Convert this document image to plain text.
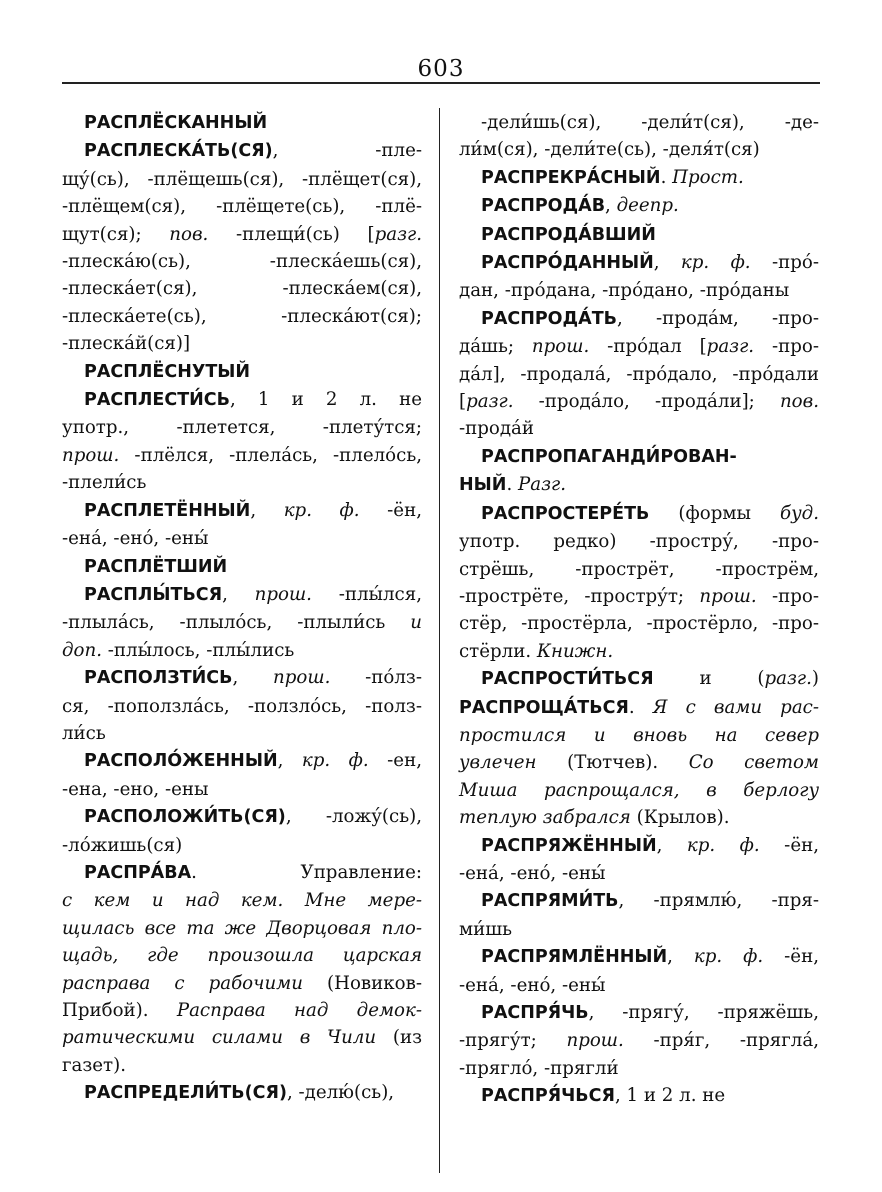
603
РАСПЛЁСКАННЫЙ
РАСПЛЕСКА́ТЬ(СЯ), -пле-
щу́(сь), -плёщешь(ся), -плёщет(ся),
-плёщем(ся), -плёщете(сь), -плё-
щут(ся); пов. -плещи́(сь) [разг.
-плеска́ю(сь), -плеска́ешь(ся),
-плеска́ет(ся), -плеска́ем(ся),
-плеска́ете(сь), -плеска́ют(ся);
-плеска́й(ся)]
РАСПЛЁСНУТЫЙ
РАСПЛЕСТИ́СЬ, 1 и 2 л. не
употр., -плетется, -плету́тся;
прош. -плёлся, -плела́сь, -плело́сь,
-плели́сь
РАСПЛЕТЁННЫЙ, кр. ф. -ён,
-ена́, -ено́, -ены́
РАСПЛЁТШИЙ
РАСПЛЫ́ТЬСЯ, прош. -плы́лся,
-плыла́сь, -плыло́сь, -плыли́сь и
доп. -плы́лось, -плы́лись
РАСПОЛЗТИ́СЬ, прош. -по́лз-
ся, -поползла́сь, -ползло́сь, -полз-
ли́сь
РАСПОЛО́ЖЕННЫЙ, кр. ф. -ен,
-ена, -ено, -ены
РАСПОЛОЖИ́ТЬ(СЯ), -ложу́(сь),
-ло́жишь(ся)
РАСПРА́ВА. Управление:
с кем и над кем. Мне мере-
щилась все та же Дворцовая пло-
щадь, где произошла царская
расправа с рабочими (Новиков-
Прибой). Расправа над демок-
ратическими силами в Чили (из
газет).
РАСПРЕДЕЛИ́ТЬ(СЯ), -делю́(сь),
-дели́шь(ся), -дели́т(ся), -де-
ли́м(ся), -дели́те(сь), -деля́т(ся)
РАСПРЕКРА́СНЫЙ. Прост.
РАСПРОДА́В, деепр.
РАСПРОДА́ВШИЙ
РАСПРО́ДАННЫЙ, кр. ф. -про́-
дан, -про́дана, -про́дано, -про́даны
РАСПРОДА́ТЬ, -прода́м, -про-
да́шь; прош. -про́дал [разг. -про-
да́л], -продала́, -про́дало, -про́дали
[разг. -прода́ло, -прода́ли]; пов.
-прода́й
РАСПРОПАГАНДИ́РОВАН-
НЫЙ. Разг.
РАСПРОСТЕРЕ́ТЬ (формы буд.
употр. редко) -простру́, -про-
стрёшь, -прострёт, -прострём,
-прострёте, -простру́т; прош. -про-
стёр, -простёрла, -простёрло, -про-
стёрли. Книжн.
РАСПРОСТИ́ТЬСЯ и (разг.)
РАСПРОЩА́ТЬСЯ. Я с вами рас-
простился и вновь на север
увлечен (Тютчев). Со светом
Миша распрощался, в берлогу
теплую забрался (Крылов).
РАСПРЯЖЁННЫЙ, кр. ф. -ён,
-ена́, -ено́, -ены́
РАСПРЯМИ́ТЬ, -прямлю́, -пря-
ми́шь
РАСПРЯМЛЁННЫЙ, кр. ф. -ён,
-ена́, -ено́, -ены́
РАСПРЯ́ЧЬ, -прягу́, -пряжёшь,
-прягу́т; прош. -пря́г, -прягла́,
-прягло́, -прягли́
РАСПРЯ́ЧЬСЯ, 1 и 2 л. не
